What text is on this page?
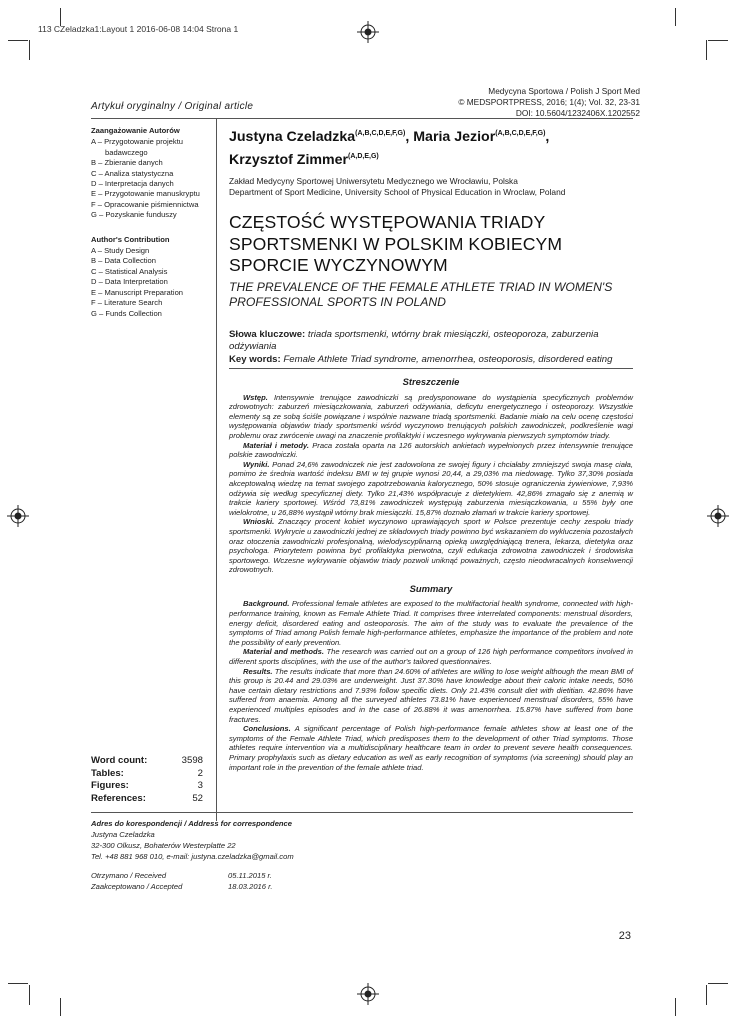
113 CZeladzka1:Layout 1 2016-06-08 14:04 Strona 1
Medycyna Sportowa / Polish J Sport Med
© MEDSPORTPRESS, 2016; 1(4); Vol. 32, 23-31
DOI: 10.5604/1232406X.1202552
Artykuł oryginalny / Original article
Zaangażowanie Autorów
A – Przygotowanie projektu
badawczego
B – Zbieranie danych
C – Analiza statystyczna
D – Interpretacja danych
E – Przygotowanie manuskryptu
F – Opracowanie piśmiennictwa
G – Pozyskanie funduszy
Author's Contribution
A – Study Design
B – Data Collection
C – Statistical Analysis
D – Data Interpretation
E – Manuscript Preparation
F – Literature Search
G – Funds Collection
Word count:	3598
Tables:	2
Figures:	3
References:	52
Justyna Czeladzka$^{(A,B,C,D,E,F,G)}$, Maria Jezior$^{(A,B,C,D,E,F,G)}$,
Krzysztof Zimmer$^{(A,D,E,G)}$
Zakład Medycyny Sportowej Uniwersytetu Medycznego we Wrocławiu, Polska
Department of Sport Medicine, University School of Physical Education in Wroclaw, Poland
CZĘSTOŚĆ WYSTĘPOWANIA TRIADY SPORTSMENKI W POLSKIM KOBIECYM SPORCIE WYCZYNOWYM
THE PREVALENCE OF THE FEMALE ATHLETE TRIAD IN WOMEN'S PROFESSIONAL SPORTS IN POLAND
Słowa kluczowe: triada sportsmenki, wtórny brak miesiączki, osteoporoza, zaburzenia odżywiania
Key words: Female Athlete Triad syndrome, amenorrhea, osteoporosis, disordered eating
Streszczenie

Wstęp. Intensywnie trenujące zawodniczki są predysponowane do wystąpienia specyficznych problemów zdrowotnych: zaburzeń miesiączkowania, zaburzeń odżywiania, deficytu energetycznego i osteoporozy. Wszystkie elementy są ze sobą ściśle powiązane i wspólnie nazwane triadą sportsmenki. Badanie miało na celu ocenę częstości występowania objawów triady sportsmenki wśród wyczynowo trenujących polskich zawodniczek, podkreślenie wagi problemu oraz zwrócenie uwagi na znaczenie profilaktyki i wczesnego wykrywania pierwszych symptomów triady.

Materiał i metody. Praca została oparta na 126 autorskich ankietach wypełnionych przez intensywnie trenujące polskie zawodniczki.

Wyniki. Ponad 24,6% zawodniczek nie jest zadowolona ze swojej figury i chciałaby zmniejszyć swoja masę ciała, pomimo że średnia wartość indeksu BMI w tej grupie wynosi 20,44, a 29,03% ma niedowagę. Tylko 37,30% posiada akceptowalną wiedzę na temat swojego zapotrzebowania kalorycznego, 50% stosuje ograniczenia żywieniowe, 7,93% odżywia się według specyficznej diety. Tylko 21,43% współpracuje z dietetykiem. 42,86% zmagało się z anemią w trakcie kariery sportowej. Wśród 73,81% zawodniczek występują zaburzenia miesiączkowania, u 55% były one wielokrotne, u 26,88% wystąpił wtórny brak miesiączki. 15,87% doznało złamań w trakcie kariery sportowej.

Wnioski. Znaczący procent kobiet wyczynowo uprawiających sport w Polsce prezentuje cechy zespołu triady sportsmenki. Wykrycie u zawodniczki jednej ze składowych triady powinno być wskazaniem do wykluczenia pozostałych oraz otoczenia zawodniczki profesjonalną, wielodyscyplinarną opieką uwzględniającą trenera, lekarza, dietetyka oraz psychologa. Priorytetem powinna być profilaktyka pierwotna, czyli edukacja zdrowotna zawodniczek i środowiska sportowego. Wczesne wykrywanie objawów triady pozwoli uniknąć poważnych, często nieodwracalnych konsekwencji zdrowotnych.

Summary

Background. Professional female athletes are exposed to the multifactorial health syndrome, connected with high-performance training, known as Female Athlete Triad. It comprises three interrelated components: menstrual disorders, energy deficit, disordered eating and osteoporosis. The aim of the study was to evaluate the prevalence of the symptoms of Triad among Polish female high-performance athletes, emphasize the importance of the problem and note the possibility of early prevention.

Material and methods. The research was carried out on a group of 126 high performance competitors involved in different sports disciplines, with the use of the author's tailored questionnaires.

Results. The results indicate that more than 24.60% of athletes are willing to lose weight although the mean BMI of this group is 20.44 and 29.03% are underweight. Just 37.30% have knowledge about their caloric intake needs, 50% have certain dietary restrictions and 7.93% follow specific diets. Only 21.43% consult diet with dietitian. 42.86% have suffered from anaemia. Among all the surveyed athletes 73.81% have experienced menstrual disorders, 55% have experienced multiples episodes and in the case of 26.88% it was amenorrhea. 15.87% have suffered from bone fractures.

Conclusions. A significant percentage of Polish high-performance female athletes show at least one of the symptoms of the Female Athlete Triad, which predisposes them to the development of other Triad symptoms. Those athletes require intervention via a multidisciplinary healthcare team in order to prevent severe health consequences. Primary prophylaxis such as dietary education as well as early recognition of symptoms (via screening) should play an important role in the prevention of the female athlete triad.

Adres do korespondencji / Address for correspondence
Justyna Czeladzka
32-300 Olkusz, Bohaterów Westerplatte 22
Tel. +48 881 968 010, e-mail: justyna.czeladzka@gmail.com
Otrzymano / Received	05.11.2015 r.
Zaakceptowano / Accepted	18.03.2016 r.
23
